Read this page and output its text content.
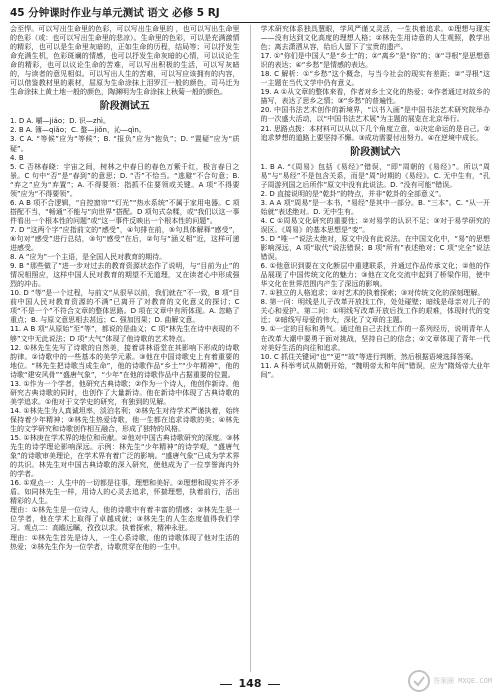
45 分钟课时作业与单元测试 语文 必修 5 RJ

会至悍。可以写出生命里的色彩，可以写出生命里的 ，也可以写出生命里的色彩（或：也可以写出生命里的悲凉）。生命里的色彩，可以是充满激情的精彩，也可以是生命里灰暗的，正如生命的历程，结局等；可以抒发生命充满生机，色彩斑斓的情感，也可以抒发生命灰暗的心情，可以议论生命的精彩，也可以议论生命的苦难，可以写出积极的生活，可以写灰暗的，与读者的意见相似。可以写出人生的苦难，可以写应该拥有的内容，可以借鉴教材里的素材，屈原为生命涂抹上泪罗江一般的颜色，司马迁为生命涂抹上黄土地一般的颜色，陶渊明为生命涂抹上秋菊一般的颜色。

阶段测试五

1. D A. 嚼—jiáo；D. 识—zhì。

2. B A. 簿—qiǎo；C. 螯—jiǒn，沁—qìn。

3. C A. “等候”应为“等候”；B. “报负”应为“抱负”；D. “置疑”应为“质疑”。

4. B

5. C 否林春晓：宇宙之间，树林之中春日的春色万紫千红，极言春日之景。C 句中“否”是“春到”的意思；D. “否”不恰当。“逃避”不合句意；B. “弃之”应为“弃置”；A. 不得要领：指抓不住要领或关键。A 项“不得要领”应为“不得要领”。

6. A B 项不合逻辑，“自控窗帘”“灯光”“热水系统”不属于家用电器。C 项搭配不当，“畅通”不能与“向世界”搭配。D 项句式杂糅，或“我们以这一事件看出一个根本性的问题”或“这一事件反映出一个根本性的问题”。

7. D “这两个字”应指前文的“感受”，④句排在前，⑤句具体解释“感受”，⑥句对“感受”进行总结，③句“感受”在后，②句与“涵义相”近，这样可递进感受。

8. A “应为”一个主语，是全国人民对教育的期待。

9. B “那些做了”进一步对过去的教育资源状态作了说明，与“目前为止”的情况相照应，这样中国人民对教育的期望不无道理，又在读者心中形成强烈的冲击。

10. D “等”是一个过程，与前文“从很早以前，我们就在”不一致，B 项“目前中国人民对教育资源的不满”已离开了对教育的文化意义的探讨；C 项“不是一个”不符合文章的整体思路。D 项在文章中有所体现。A. 忽略了重点；B. 与原文意思相去甚远；C. 强加因果；D. 曲解文意。

11. A B 项“从原始”至“等”，都说的是曲义；C 项“林先生在诗中表现的不够”文中无此说法；D 项“大气”体现了他诗歌的艺术特点。

12. ①林先生先写了诗歌的自然美，接着讲林语堂在其影响下形成的诗歌韵律。②诗歌中的一些基本的美学元素。③他在中国诗歌史上有着重要的地位。“林先生把诗歌当成生命”，他的诗歌作品“乡土”“少年精神”，他的诗歌“建安风骨”“盛唐气象”，“少年”在他的诗歌作品中占据重要的位置。

13. ①作为一个学者，他研究古典诗歌；②作为一个诗人，他创作新诗。他研究古典诗歌的同时，也创作了大量新诗。他在新诗中体现了古典诗歌的美学追求。①他对于文学史的研究，有独到的见解。

14. ①林先生为人真诚坦率，淡泊名利；②林先生对待学术严谨执着，始终保持着少年精神；③林先生热爱诗歌，他一生都在追求诗歌的美；④林先生的文学研究和诗歌创作相互融合，形成了独特的风格。

15. ①林庚在学术界的地位和贡献。②他对中国古典诗歌研究的深度。③林先生的诗学理论影响深远。示例：林先生“少年精神”的诗学观，“盛唐气象”的诗歌审美理论，在学术界有着广泛的影响。“盛唐气象”已成为学术界的共识。林先生对中国古典诗歌的深入研究，使他成为了一位享誉海内外的学者。

16. ①观点一：人生中的一切都是往事，理想和美好。②理想和现实并不矛盾。如同林先生一样，用诗人的心灵去追求，怀揣理想，执着前行，活出精彩的人生。

理由：①林先生是一位诗人，他的诗歌中有着丰富的情感；②林先生是一位学者，他在学术上取得了卓越成就；③林先生的人生态度值得我们学习。观点二：高瞻远瞩，孜孜以求。执着探索，精神永驻。

理由：①林先生首先是诗人，一生心系诗歌，他的诗歌体现了他对生活的热爱；②林先生作为一位学者，诗歌贯穿在他的一生中。

学术研究体系独具慧眼，学风严谨又灵活，一生执着追求。①理想与现实——没有达到文化高度的理想人格；②林先生用诗意的人生观照，教学出色；离去潇洒从容，给后人留下了宝贵的遗产。

17. ①“你们是中国人”是“乡土”的；②“离乡”是“你”的；③“寻根”是思想意识的表达；④“乡愁”是情感的表达。

18. C 解析：①“乡愁”这个概念，与当今社会的现实有差距；②“寻根”这一主题在当代文学中仍有意义。

19. A ①从文章的整体来看，作者对乡土文化的热爱；②作者通过对故乡的描写，表达了思乡之情；③“乡愁”的普遍性。

20. 中国书法艺术创作的新境界，“以书入画”是中国书法艺术研究院举办的一次盛大活动，以“中国书法艺术展”为主题的展览在北京举行。

21. 思路点拨：本材料可以从以下几个角度立意，①决定命运的是自己。②追求梦想的道路上要坚持不懈。③成功需要付出努力。④在逆境中成长。

阶段测试六

1. B A. “《周易》包括《易经》”错误，“即”周朝的《易经》”。所以“周易”与“易经”不是包含关系，而是“周”时期的《易经》。C. 无中生有，“孔子周游列国之后所作”原文中没有此说法。D. “没有可能”错误。

2. D 直接说明的是“乾卦”的特点，并非“乾卦的全部意义”。

3. A A 项“周易”是一本书，“易经”是其中一部分。B. “三本”。C. “从一开始就”表述绝对。D. 无中生有。

4. C ①周易文化研究的重要性；②对易学的认识不足；③对于易学研究的误区。《周易》的基本思想是“变”。

5. D “唯一”说法太绝对，原文中没有此说法。在中国文化中，“易”的思想影响深远，A 项“取代”说法错误；B 项“所有”表述绝对；C 项“完全”说法错误。

6. ①他意识到要在文化断层中重建联系，并通过作品传承文化；②他的作品展现了中国传统文化的魅力；③他在文化交流中起到了桥梁作用，使中华文化在世界范围内产生了深远的影响。

7. ①独立的人格追求；②对艺术的执着探索；③对传统文化的深刻理解。

8. 第一问：明线是儿子改革开放找工作，处处碰壁；暗线是母亲对儿子的关心和爱护。第二问：①明线写改革开放后找工作的艰难，体现时代的变迁；②暗线写母爱的伟大，深化了文章的主题。

9. ①一定的目标和勇气。通过他自己去找工作的一系列经历，说明青年人在改革大潮中要勇于面对挑战，坚持自己的信念；②文章体现了青年一代对美好生活的向往和追求。

10. C 抓住关键词“也”“更”“故”等进行判断，然后根据语境选择答案。

11. A 科举考试从隋朝开始，“魏明帝太和年间”错误，应为“隋炀帝大业年间”。

148	答案圈 MXQE.COM
